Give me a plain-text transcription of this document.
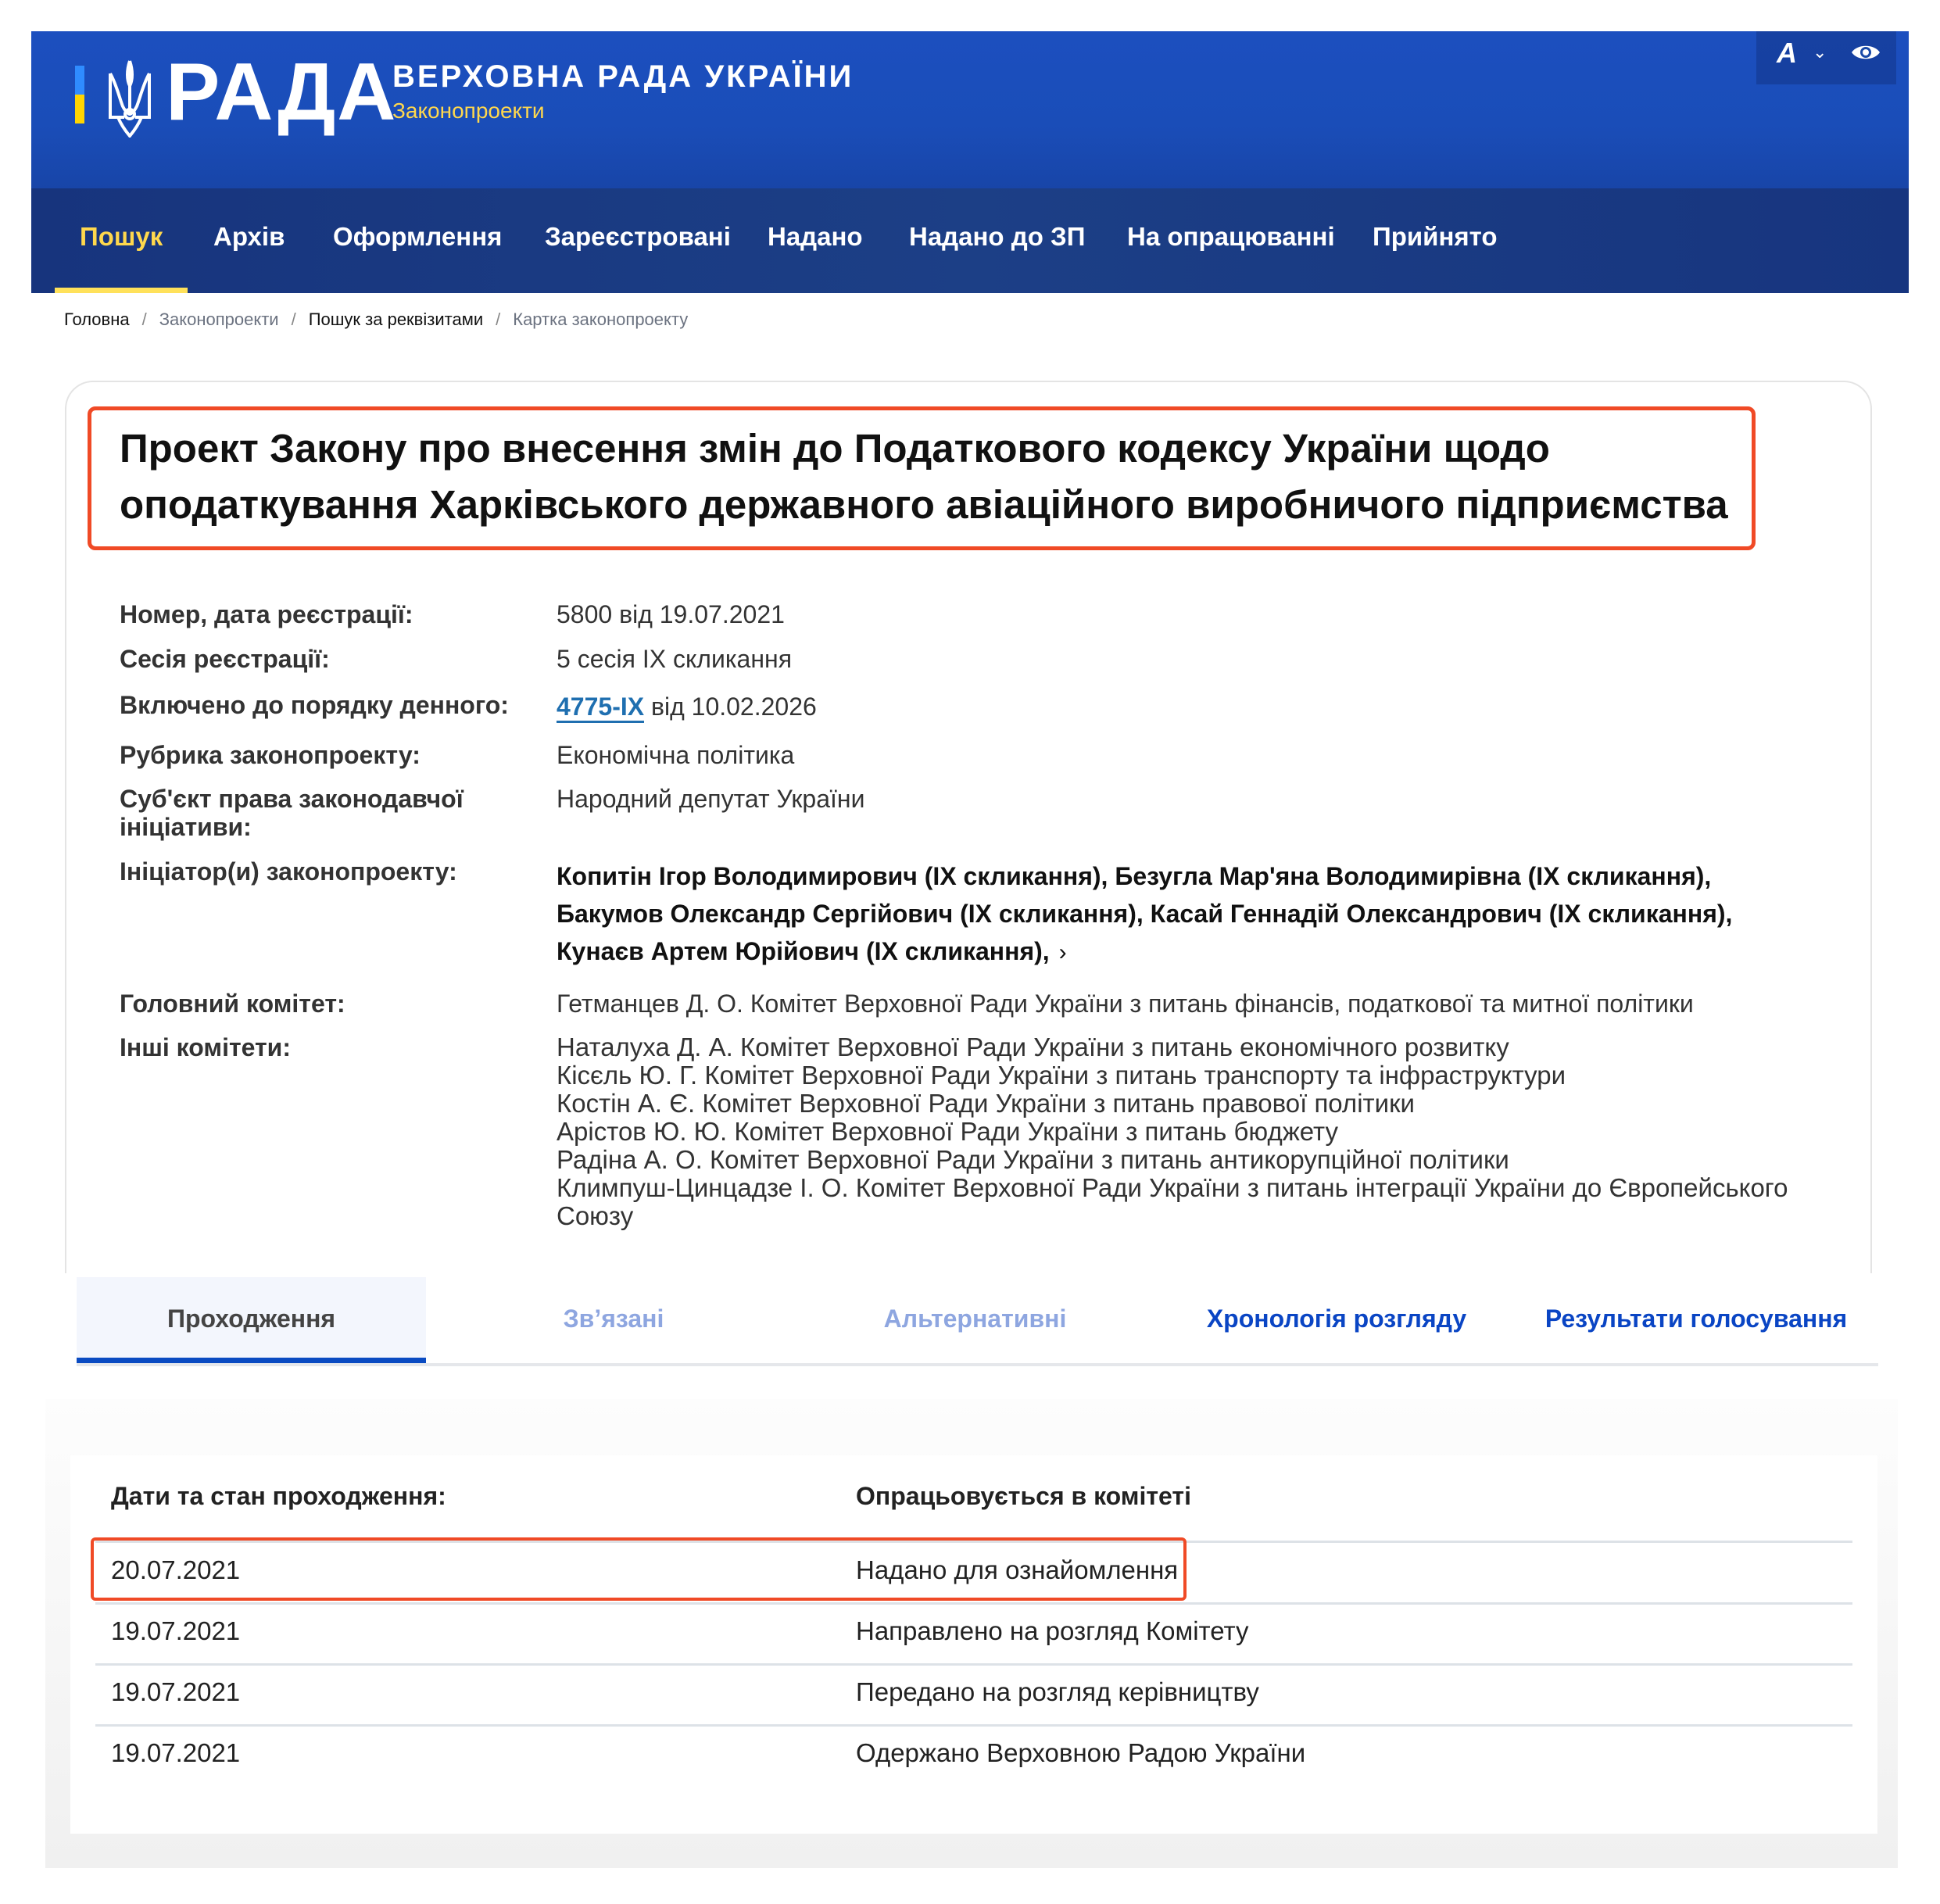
РАДА
ВЕРХОВНА РАДА УКРАЇНИ
Законопроекти
A ⌄
Пошук Архів Оформлення Зареєстровані Надано Надано до ЗП На опрацюванні Прийнято
Головна / Законопроекти / Пошук за реквізитами / Картка законопроекту
Проект Закону про внесення змін до Податкового кодексу України щодо оподаткування Харківського державного авіаційного виробничого підприємства
Номер, дата реєстрації:	5800 від 19.07.2021
Сесія реєстрації:	5 сесія IX скликання
Включено до порядку денного:	4775-IX від 10.02.2026
Рубрика законопроекту:	Економічна політика
Суб'єкт права законодавчої ініціативи:
Народний депутат України
Ініціатор(и) законопроекту:	Копитін Ігор Володимирович (IX скликання), Безугла Мар'яна Володимирівна (IX скликання), Бакумов Олександр Сергійович (IX скликання), Касай Геннадій Олександрович (IX скликання), Кунаєв Артем Юрійович (IX скликання), ›
Головний комітет:	Гетманцев Д. О. Комітет Верховної Ради України з питань фінансів, податкової та митної політики
Інші комітети:	Наталуха Д. А. Комітет Верховної Ради України з питань економічного розвитку
Кісєль Ю. Г. Комітет Верховної Ради України з питань транспорту та інфраструктури
Костін А. Є. Комітет Верховної Ради України з питань правової політики
Арістов Ю. Ю. Комітет Верховної Ради України з питань бюджету
Радіна А. О. Комітет Верховної Ради України з питань антикорупційної політики
Климпуш-Цинцадзе І. О. Комітет Верховної Ради України з питань інтеграції України до Європейського Союзу
Проходження	Зв’язані	Альтернативні	Хронологія розгляду	Результати голосування
Дати та стан проходження:	Опрацьовується в комітеті
20.07.2021	Надано для ознайомлення
19.07.2021	Направлено на розгляд Комітету
19.07.2021	Передано на розгляд керівництву
19.07.2021	Одержано Верховною Радою України
